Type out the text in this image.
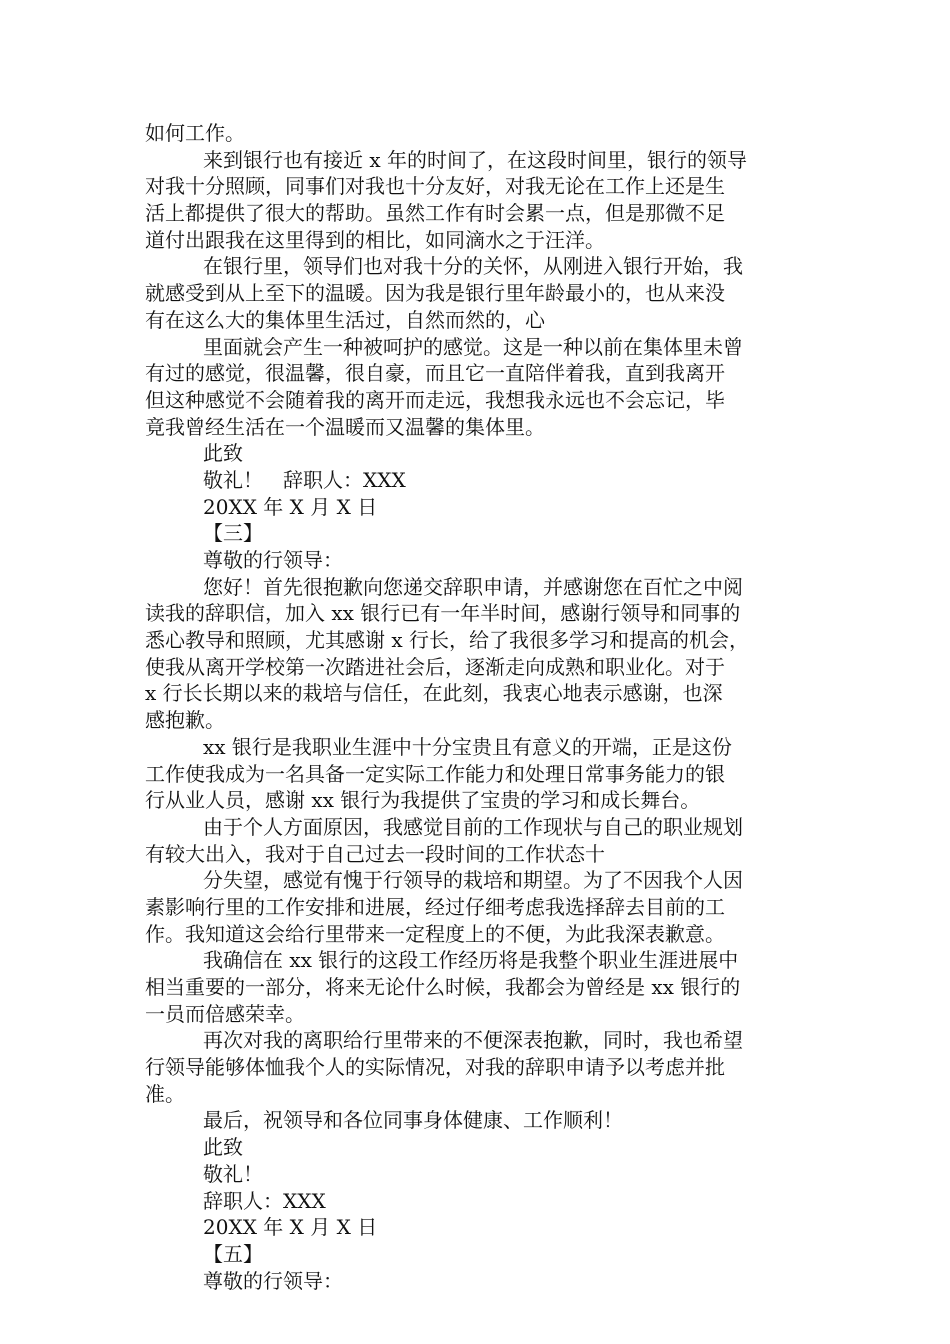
如何工作。
来到银行也有接近 x 年的时间了，在这段时间里，银行的领导
对我十分照顾，同事们对我也十分友好，对我无论在工作上还是生
活上都提供了很大的帮助。虽然工作有时会累一点，但是那微不足
道付出跟我在这里得到的相比，如同滴水之于汪洋。
在银行里，领导们也对我十分的关怀，从刚进入银行开始，我
就感受到从上至下的温暖。因为我是银行里年龄最小的，也从来没
有在这么大的集体里生活过，自然而然的，心
里面就会产生一种被呵护的感觉。这是一种以前在集体里未曾
有过的感觉，很温馨，很自豪，而且它一直陪伴着我，直到我离开
但这种感觉不会随着我的离开而走远，我想我永远也不会忘记，毕
竟我曾经生活在一个温暖而又温馨的集体里。
此致
敬礼！　辞职人：XXX
20XX 年 X 月 X 日
【三】
尊敬的行领导：
您好！首先很抱歉向您递交辞职申请，并感谢您在百忙之中阅
读我的辞职信，加入 xx 银行已有一年半时间，感谢行领导和同事的
悉心教导和照顾，尤其感谢 x 行长，给了我很多学习和提高的机会，
使我从离开学校第一次踏进社会后，逐渐走向成熟和职业化。对于
x 行长长期以来的栽培与信任，在此刻，我衷心地表示感谢，也深
感抱歉。
xx 银行是我职业生涯中十分宝贵且有意义的开端，正是这份
工作使我成为一名具备一定实际工作能力和处理日常事务能力的银
行从业人员，感谢 xx 银行为我提供了宝贵的学习和成长舞台。
由于个人方面原因，我感觉目前的工作现状与自己的职业规划
有较大出入，我对于自己过去一段时间的工作状态十
分失望，感觉有愧于行领导的栽培和期望。为了不因我个人因
素影响行里的工作安排和进展，经过仔细考虑我选择辞去目前的工
作。我知道这会给行里带来一定程度上的不便，为此我深表歉意。
我确信在 xx 银行的这段工作经历将是我整个职业生涯进展中
相当重要的一部分，将来无论什么时候，我都会为曾经是 xx 银行的
一员而倍感荣幸。
再次对我的离职给行里带来的不便深表抱歉，同时，我也希望
行领导能够体恤我个人的实际情况，对我的辞职申请予以考虑并批
准。
最后，祝领导和各位同事身体健康、工作顺利！
此致
敬礼！
辞职人：XXX
20XX 年 X 月 X 日
【五】
尊敬的行领导：
